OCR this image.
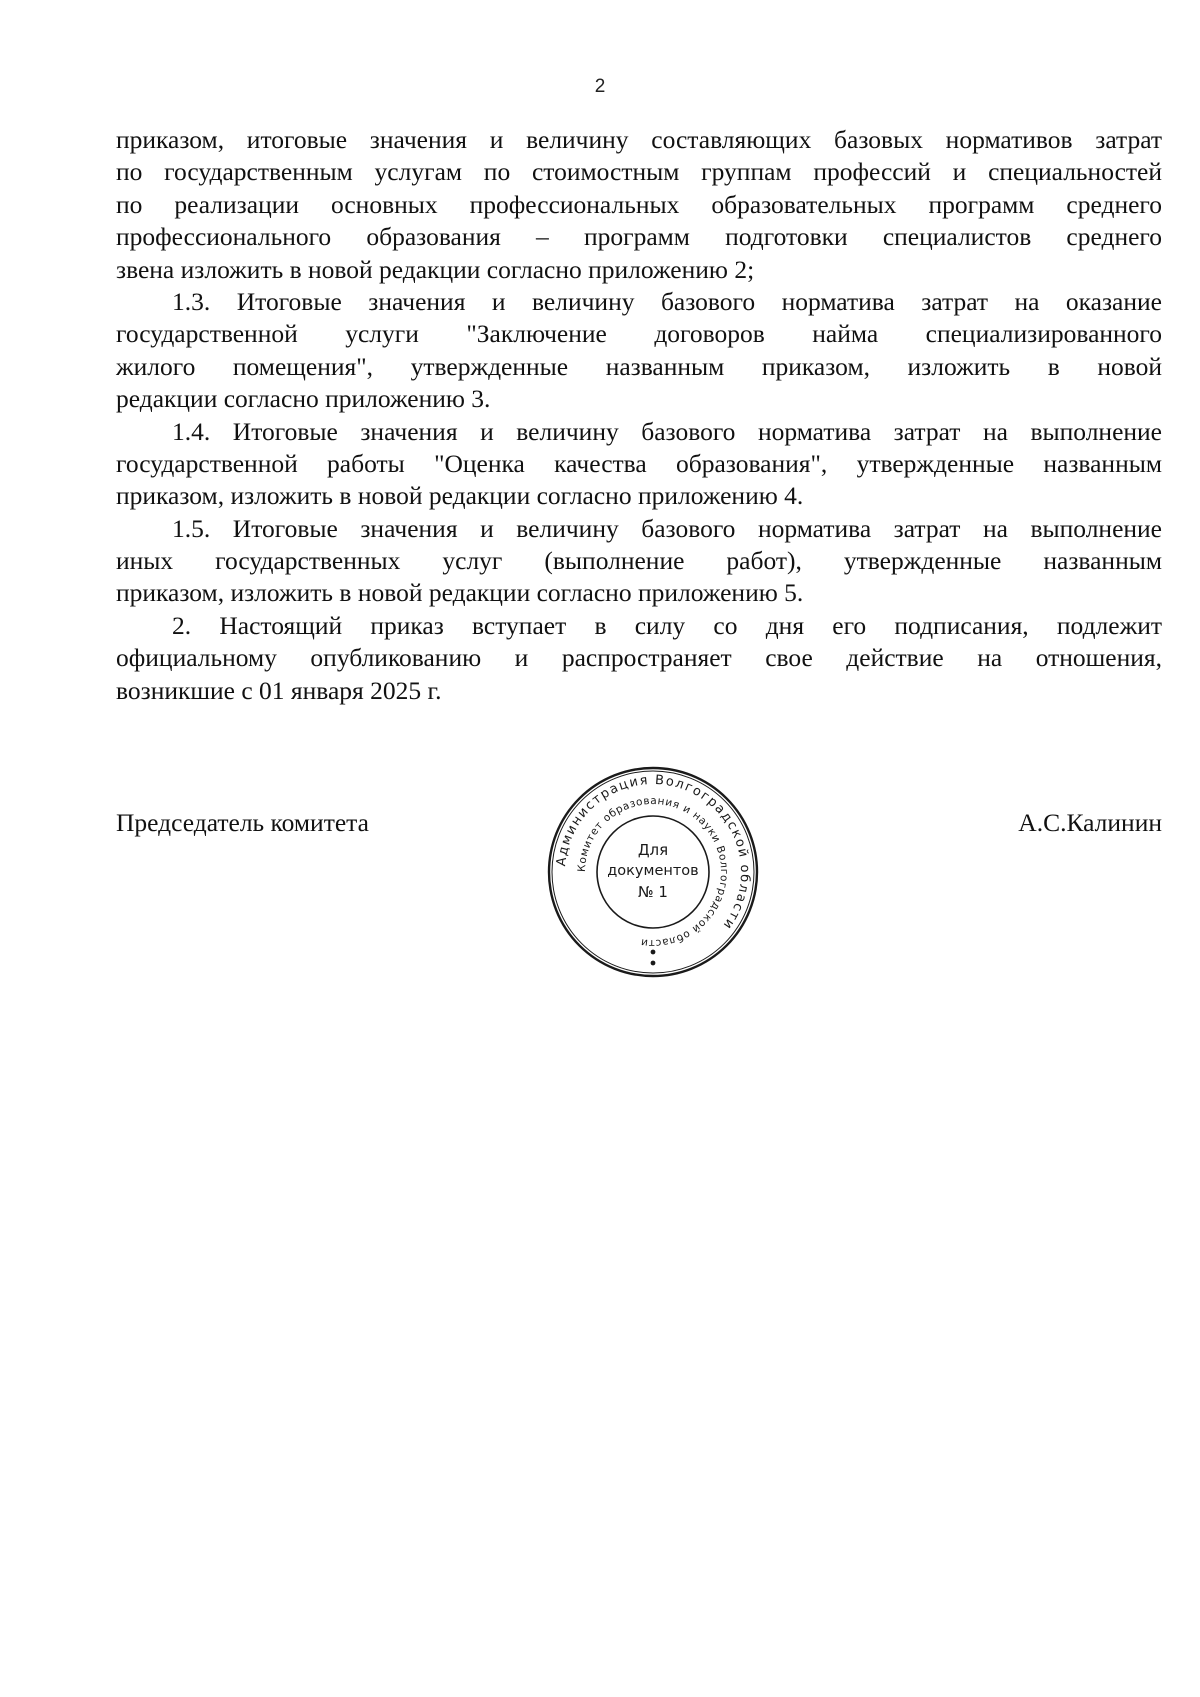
2
приказом, итоговые значения и величину составляющих базовых нормативов затрат
по государственным услугам по стоимостным группам профессий и специальностей
по реализации основных профессиональных образовательных программ среднего
профессионального образования – программ подготовки специалистов среднего
звена изложить в новой редакции согласно приложению 2;
1.3. Итоговые значения и величину базового норматива затрат на оказание
государственной услуги "Заключение договоров найма специализированного
жилого помещения", утвержденные названным приказом, изложить в новой
редакции согласно приложению 3.
1.4. Итоговые значения и величину базового норматива затрат на выполнение
государственной работы "Оценка качества образования", утвержденные названным
приказом, изложить в новой редакции согласно приложению 4.
1.5. Итоговые значения и величину базового норматива затрат на выполнение
иных государственных услуг (выполнение работ), утвержденные названным
приказом, изложить в новой редакции согласно приложению 5.
2. Настоящий приказ вступает в силу со дня его подписания, подлежит
официальному опубликованию и распространяет свое действие на отношения,
возникшие с 01 января 2025 г.
Председатель комитета	А.С.Калинин
Администрация Волгоградской области
Комитет образования и науки Волгоградской области
Для
документов
№ 1
